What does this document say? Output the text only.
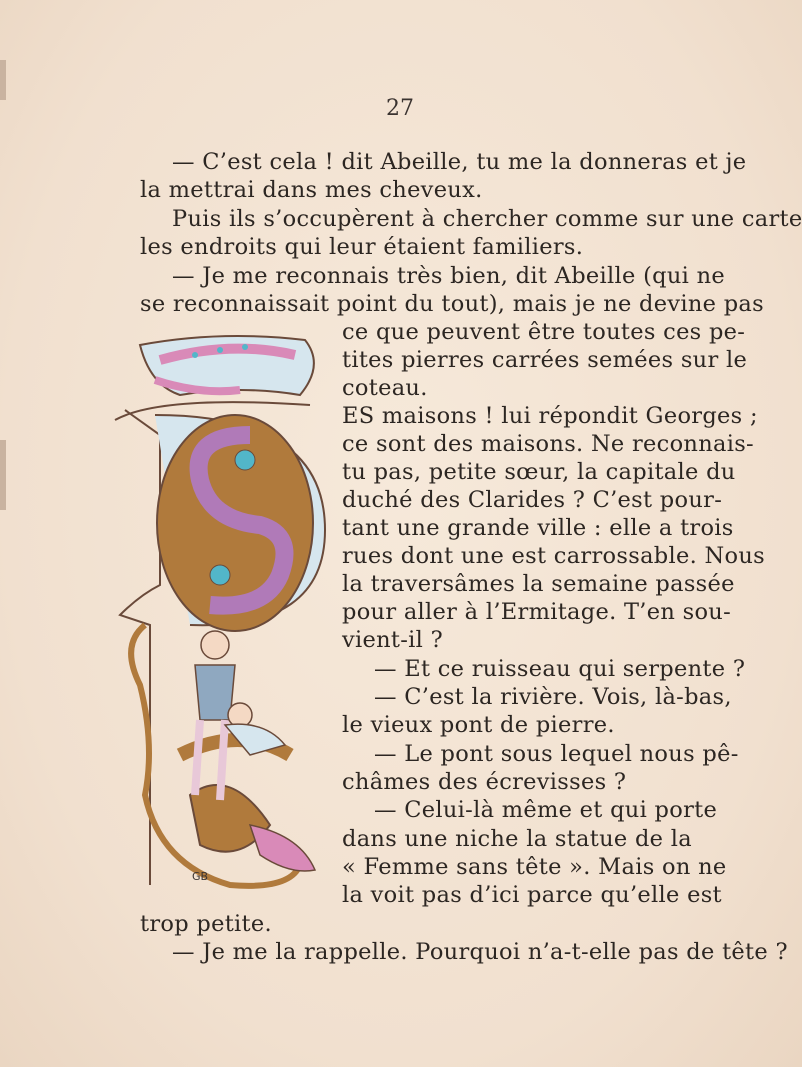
27
— C’est cela ! dit Abeille, tu me la donneras et je
la mettrai dans mes cheveux.
Puis ils s’occupèrent à chercher comme sur une carte
les endroits qui leur étaient familiers.
— Je me reconnais très bien, dit Abeille (qui ne
se reconnaissait point du tout), mais je ne devine pas
ce que peuvent être toutes ces pe-
tites pierres carrées semées sur le
coteau.
ES maisons ! lui répondit Georges ;
ce sont des maisons. Ne reconnais-
tu pas, petite sœur, la capitale du
duché des Clarides ? C’est pour-
tant une grande ville : elle a trois
rues dont une est carrossable. Nous
la traversâmes la semaine passée
pour aller à l’Ermitage. T’en sou-
vient-il ?
— Et ce ruisseau qui serpente ?
— C’est la rivière. Vois, là-bas,
le vieux pont de pierre.
— Le pont sous lequel nous pê-
châmes des écrevisses ?
— Celui-là même et qui porte
dans une niche la statue de la
« Femme sans tête ». Mais on ne
la voit pas d’ici parce qu’elle est
trop petite.
— Je me la rappelle. Pourquoi n’a-t-elle pas de tête ?
GB
